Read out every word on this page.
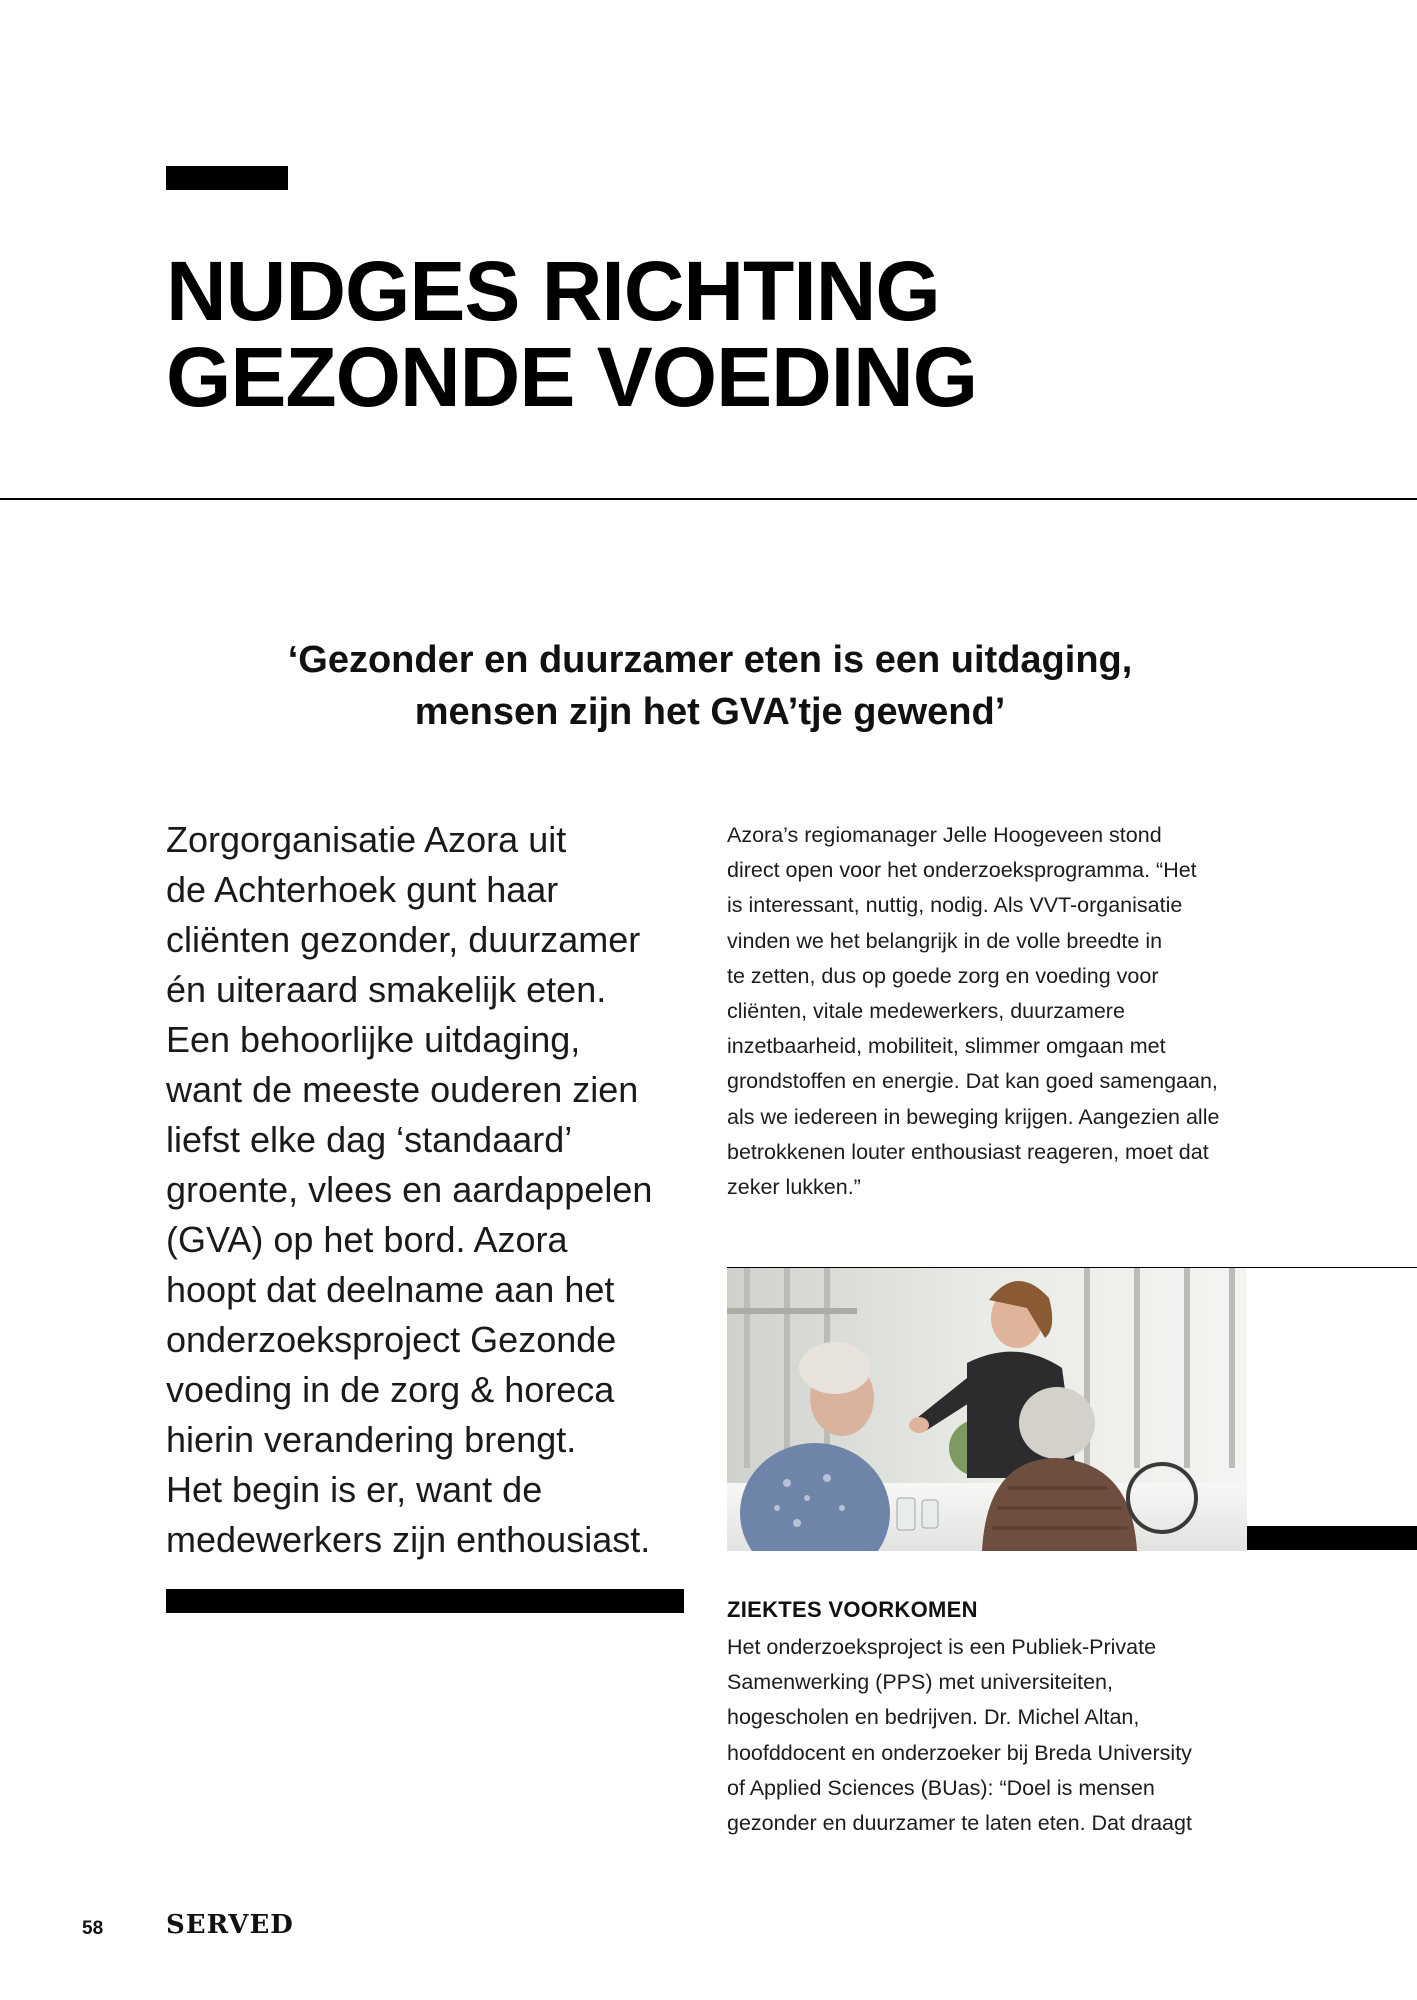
NUDGES RICHTING
GEZONDE VOEDING
‘Gezonder en duurzamer eten is een uitdaging,
mensen zijn het GVA’tje gewend’
Zorgorganisatie Azora uit
de Achterhoek gunt haar
cliënten gezonder, duurzamer
én uiteraard smakelijk eten.
Een behoorlijke uitdaging,
want de meeste ouderen zien
liefst elke dag ‘standaard’
groente, vlees en aardappelen
(GVA) op het bord. Azora
hoopt dat deelname aan het
onderzoeksproject Gezonde
voeding in de zorg & horeca
hierin verandering brengt.
Het begin is er, want de
medewerkers zijn enthousiast.
Azora’s regiomanager Jelle Hoogeveen stond
direct open voor het onderzoeksprogramma. “Het
is interessant, nuttig, nodig. Als VVT-organisatie
vinden we het belangrijk in de volle breedte in
te zetten, dus op goede zorg en voeding voor
cliënten, vitale medewerkers, duurzamere
inzetbaarheid, mobiliteit, slimmer omgaan met
grondstoffen en energie. Dat kan goed samengaan,
als we iedereen in beweging krijgen. Aangezien alle
betrokkenen louter enthousiast reageren, moet dat
zeker lukken.”
ZIEKTES VOORKOMEN
Het onderzoeksproject is een Publiek-Private
Samenwerking (PPS) met universiteiten,
hogescholen en bedrijven. Dr. Michel Altan,
hoofddocent en onderzoeker bij Breda University
of Applied Sciences (BUas): “Doel is mensen
gezonder en duurzamer te laten eten. Dat draagt
58 SERVED
